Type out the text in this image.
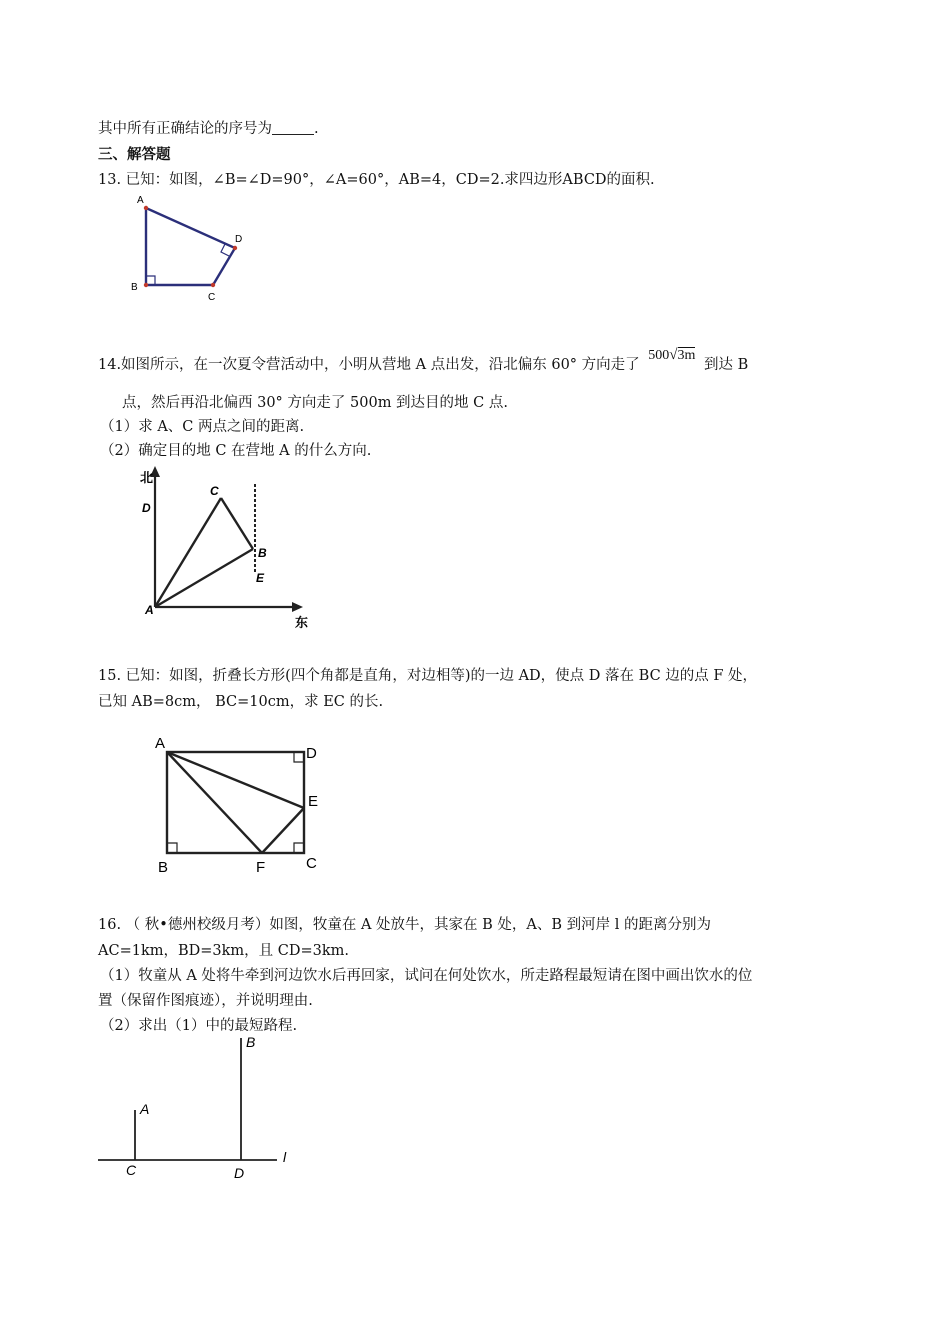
其中所有正确结论的序号为	.
三、解答题
13. 已知：如图，∠B=∠D=90°，∠A=60°，AB=4，CD=2.求四边形ABCD的面积.
A
B
C
D
14.如图所示，在一次夏令营活动中，小明从营地 A 点出发，沿北偏东 60° 方向走了 500√3m 到达 B
点，然后再沿北偏西 30° 方向走了 500m 到达目的地 C 点.
（1）求 A、C 两点之间的距离.
（2）确定目的地 C 在营地 A 的什么方向.
北
东
A
B
C
D
E
15. 已知：如图，折叠长方形(四个角都是直角，对边相等)的一边 AD，使点 D 落在 BC 边的点 F 处，
已知 AB=8cm， BC=10cm，求 EC 的长.
A
B	C
D
E
F
16. （ 秋•德州校级月考）如图，牧童在 A 处放牛，其家在 B 处，A、B 到河岸 l 的距离分别为
AC=1km，BD=3km，且 CD=3km.
（1）牧童从 A 处将牛牵到河边饮水后再回家，试问在何处饮水，所走路程最短请在图中画出饮水的位
置（保留作图痕迹），并说明理由.
（2）求出（1）中的最短路程.
A
B
C	D
l
